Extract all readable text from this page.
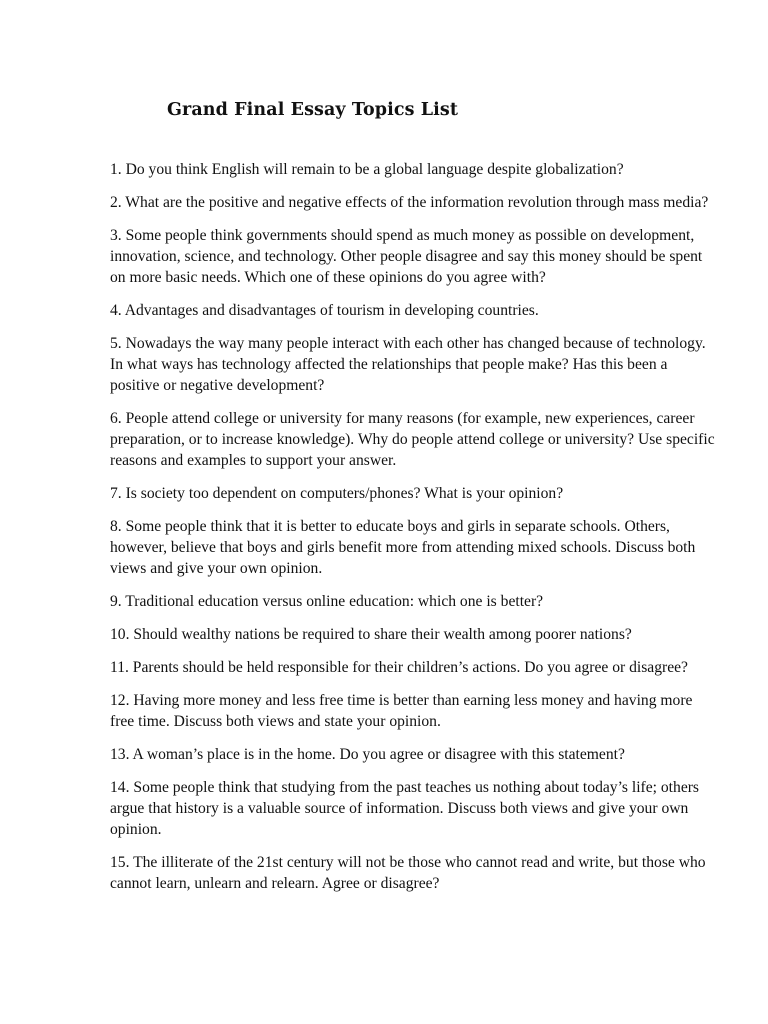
Grand Final Essay Topics List
1. Do you think English will remain to be a global language despite globalization?
2. What are the positive and negative effects of the information revolution through mass media?
3. Some people think governments should spend as much money as possible on development, innovation, science, and technology. Other people disagree and say this money should be spent on more basic needs. Which one of these opinions do you agree with?
4. Advantages and disadvantages of tourism in developing countries.
5. Nowadays the way many people interact with each other has changed because of technology. In what ways has technology affected the relationships that people make? Has this been a positive or negative development?
6. People attend college or university for many reasons (for example, new experiences, career preparation, or to increase knowledge). Why do people attend college or university? Use specific reasons and examples to support your answer.
7. Is society too dependent on computers/phones? What is your opinion?
8. Some people think that it is better to educate boys and girls in separate schools. Others, however, believe that boys and girls benefit more from attending mixed schools. Discuss both views and give your own opinion.
9. Traditional education versus online education: which one is better?
10. Should wealthy nations be required to share their wealth among poorer nations?
11. Parents should be held responsible for their children’s actions. Do you agree or disagree?
12. Having more money and less free time is better than earning less money and having more free time. Discuss both views and state your opinion.
13. A woman’s place is in the home. Do you agree or disagree with this statement?
14. Some people think that studying from the past teaches us nothing about today’s life; others argue that history is a valuable source of information. Discuss both views and give your own opinion.
15. The illiterate of the 21st century will not be those who cannot read and write, but those who cannot learn, unlearn and relearn. Agree or disagree?
